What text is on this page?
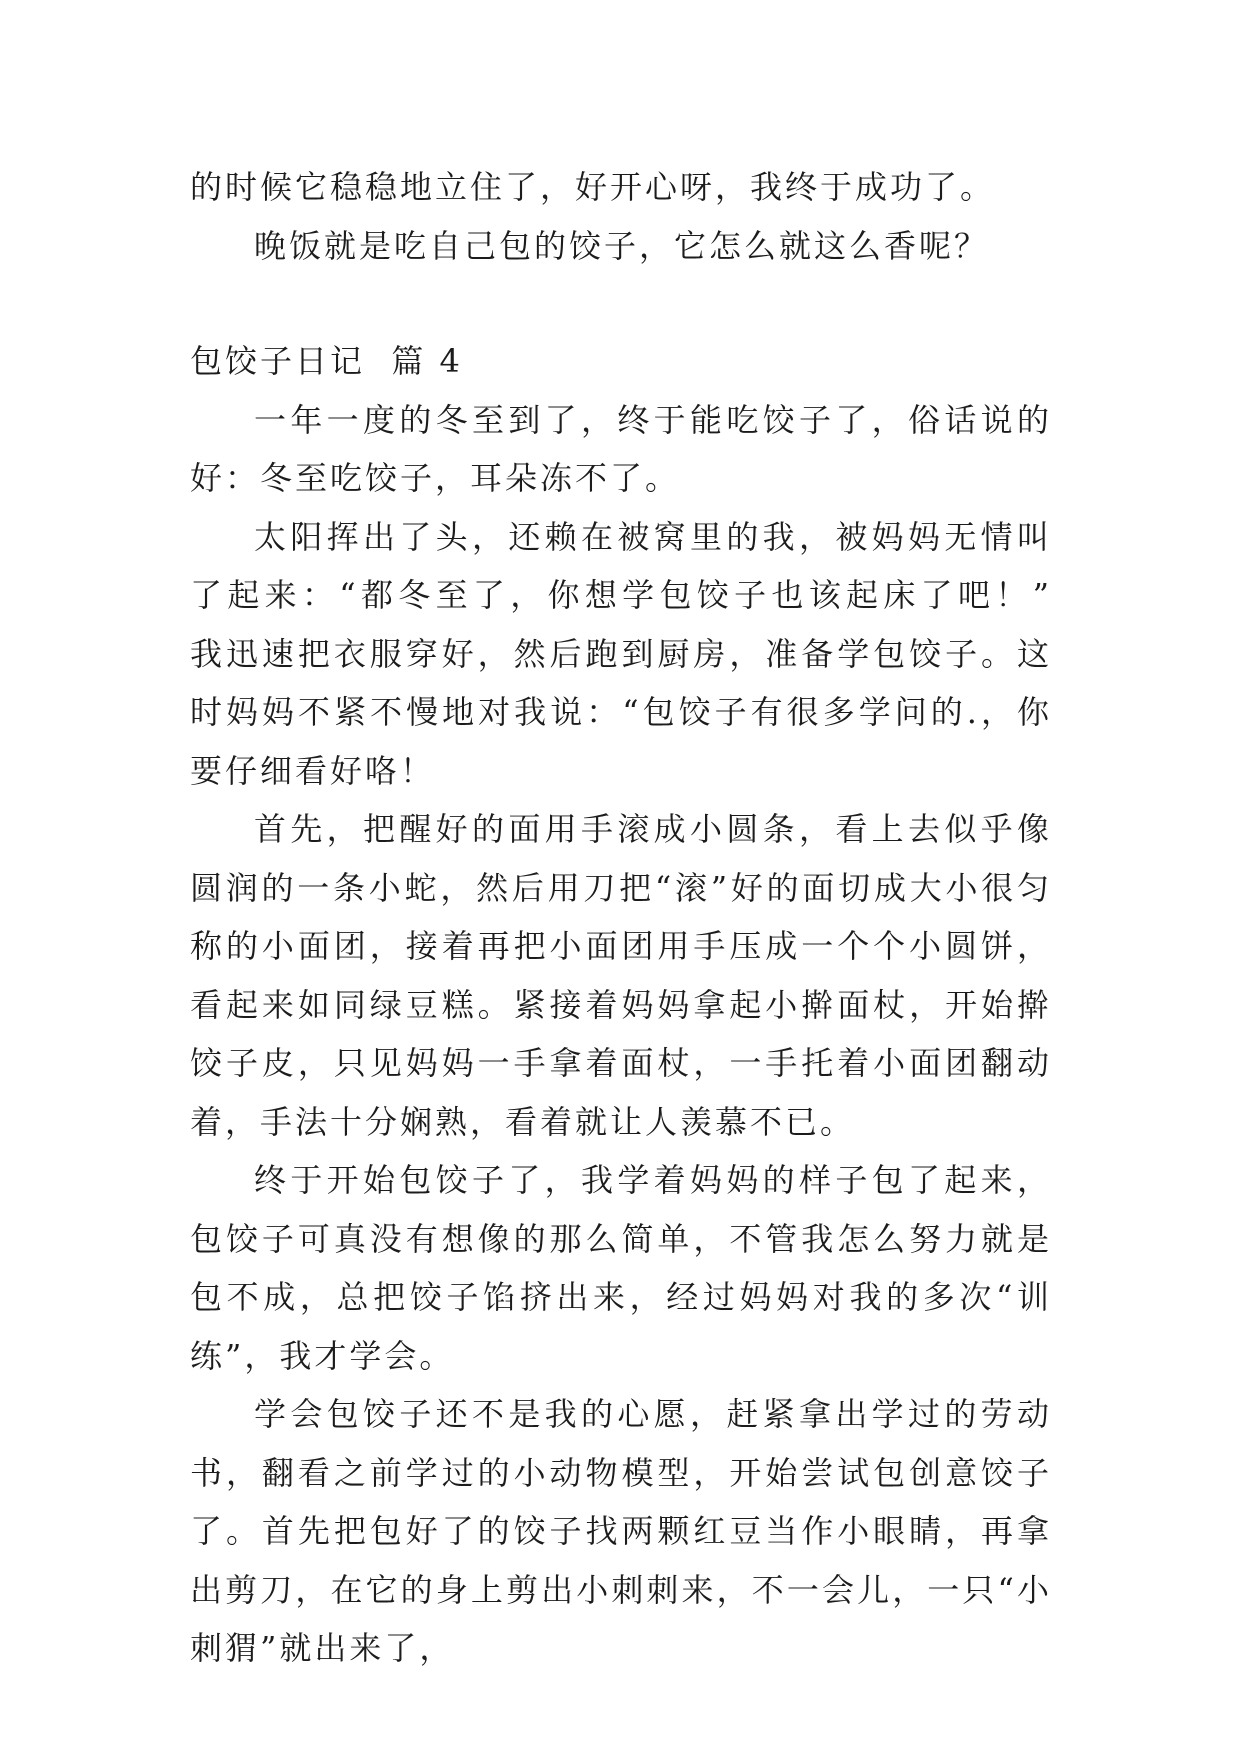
的时候它稳稳地立住了，好开心呀，我终于成功了。

晚饭就是吃自己包的饺子，它怎么就这么香呢？

包饺子日记  篇 4

一年一度的冬至到了，终于能吃饺子了，俗话说的好：冬至吃饺子，耳朵冻不了。

太阳挥出了头，还赖在被窝里的我，被妈妈无情叫了起来：“都冬至了，你想学包饺子也该起床了吧！”　我迅速把衣服穿好，然后跑到厨房，准备学包饺子。这时妈妈不紧不慢地对我说：“包饺子有很多学问的.，你要仔细看好咯！

首先，把醒好的面用手滚成小圆条，看上去似乎像圆润的一条小蛇，然后用刀把“滚”好的面切成大小很匀称的小面团，接着再把小面团用手压成一个个小圆饼，看起来如同绿豆糕。紧接着妈妈拿起小擀面杖，开始擀饺子皮，只见妈妈一手拿着面杖，一手托着小面团翻动着，手法十分娴熟，看着就让人羡慕不已。

终于开始包饺子了，我学着妈妈的样子包了起来，包饺子可真没有想像的那么简单，不管我怎么努力就是包不成，总把饺子馅挤出来，经过妈妈对我的多次“训练”，我才学会。

学会包饺子还不是我的心愿，赶紧拿出学过的劳动书，翻看之前学过的小动物模型，开始尝试包创意饺子了。首先把包好了的饺子找两颗红豆当作小眼睛，再拿出剪刀，在它的身上剪出小刺刺来，不一会儿，一只“小刺猬”就出来了，
